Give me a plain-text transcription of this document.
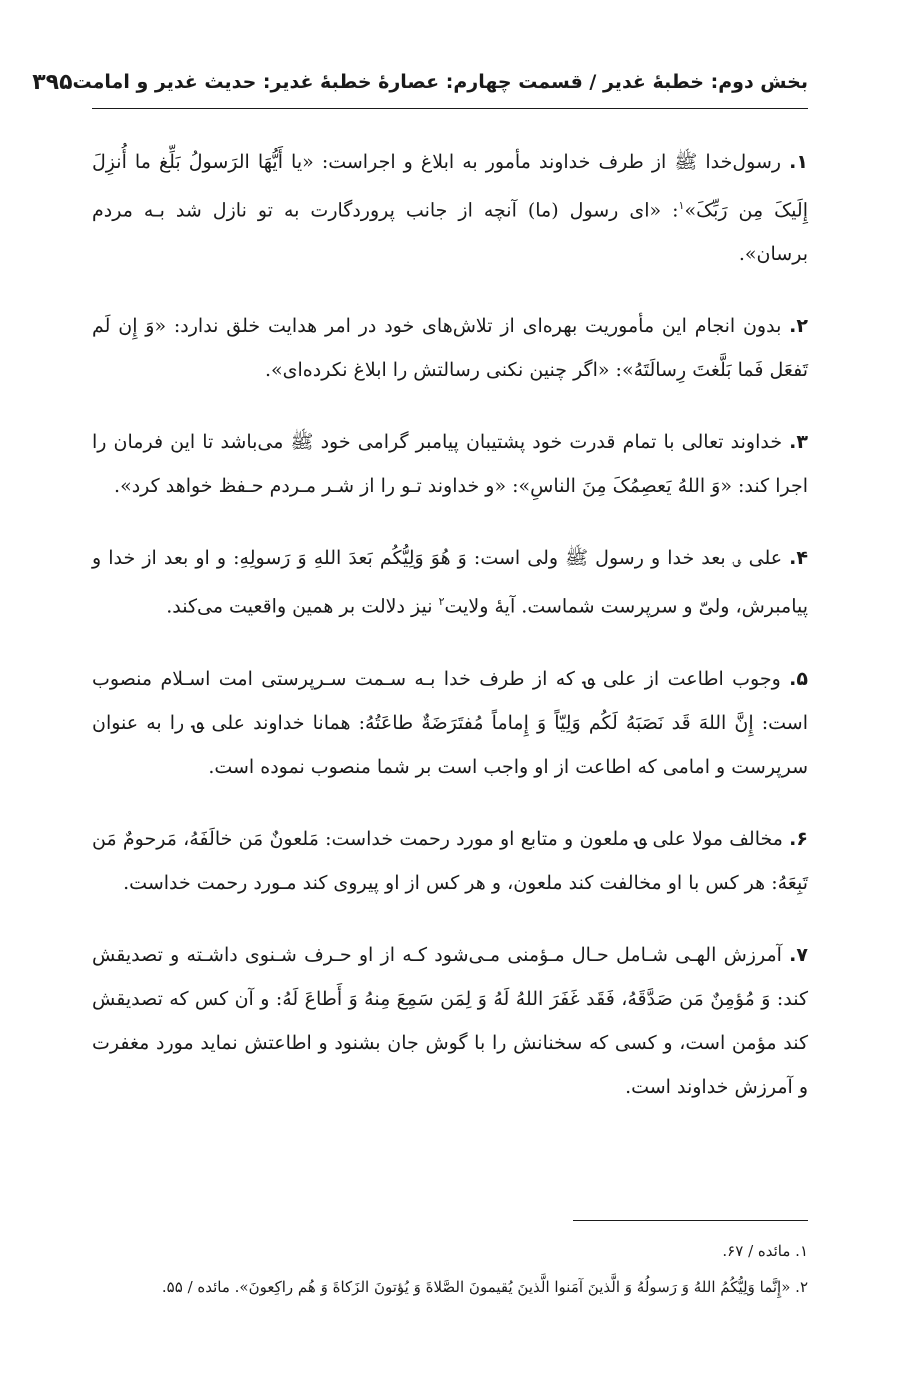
بخش دوم: خطبۀ غدیر / قسمت چهارم: عصارۀ خطبۀ غدیر: حدیث غدیر و امامت
۳۹۵

۱. رسول‌خدا ﷺ از طرف خداوند مأمور به ابلاغ و اجراست: «یا أَیُّهَا الرَسولُ بَلِّغ ما أُنزِلَ إِلَیکَ مِن رَبِّکَ»$^۱$: «ای رسول (ما) آنچه از جانب پروردگارت به تو نازل شد بـه مردم برسان».

۲. بدون انجام این مأموریت بهره‌ای از تلاش‌های خود در امر هدایت خلق ندارد: «وَ إِن لَم تَفعَل فَما بَلَّغتَ رِسالَتَهُ»: «اگر چنین نکنی رسالتش را ابلاغ نکرده‌ای».

۳. خداوند تعالی با تمام قدرت خود پشتیبان پیامبر گرامی خود ﷺ می‌باشد تا این فرمان را اجرا کند: «وَ اللهُ یَعصِمُکَ مِنَ الناسِ»: «و خداوند تـو را از شـر مـردم حـفظ خواهد کرد».

۴. علی ؈ بعد خدا و رسول ﷺ ولی است: وَ هُوَ وَلِیُّکُم بَعدَ اللهِ وَ رَسولِهِ: و او بعد از خدا و پیامبرش، ولیّ و سرپرست شماست. آیۀ ولایت$^۲$ نیز دلالت بر همین واقعیت می‌کند.

۵. وجوب اطاعت از علی ؈ که از طرف خدا بـه سـمت سـرپرستی امت اسـلام منصوب است: إِنَّ اللهَ قَد نَصَبَهُ لَکُم وَلِیّاً وَ إِماماً مُفتَرَضَةٌ طاعَتُهُ: همانا خداوند علی ؈ را به عنوان سرپرست و امامی که اطاعت از او واجب است بر شما منصوب نموده است.

۶. مخالف مولا علی ؈ ملعون و متابع او مورد رحمت خداست: مَلعونٌ مَن خالَفَهُ، مَرحومٌ مَن تَبِعَهُ: هر کس با او مخالفت کند ملعون، و هر کس از او پیروی کند مـورد رحمت خداست.

۷. آمرزش الهـی شـامل حـال مـؤمنی مـی‌شود کـه از او حـرف شـنوی داشـته و تصدیقش کند: وَ مُؤمِنٌ مَن صَدَّقَهُ، فَقَد غَفَرَ اللهُ لَهُ وَ لِمَن سَمِعَ مِنهُ وَ أَطاعَ لَهُ: و آن کس که تصدیقش کند مؤمن است، و کسی که سخنانش را با گوش جان بشنود و اطاعتش نماید مورد مغفرت و آمرزش خداوند است.

۱. مائده / ۶۷.

۲. «إِنَّما وَلِیُّکُمُ اللهُ وَ رَسولُهُ وَ الَّذینَ آمَنوا الَّذینَ یُقیمونَ الصَّلاةَ وَ یُؤتونَ الزَکاةَ وَ هُم راکِعونَ». مائده / ۵۵.
